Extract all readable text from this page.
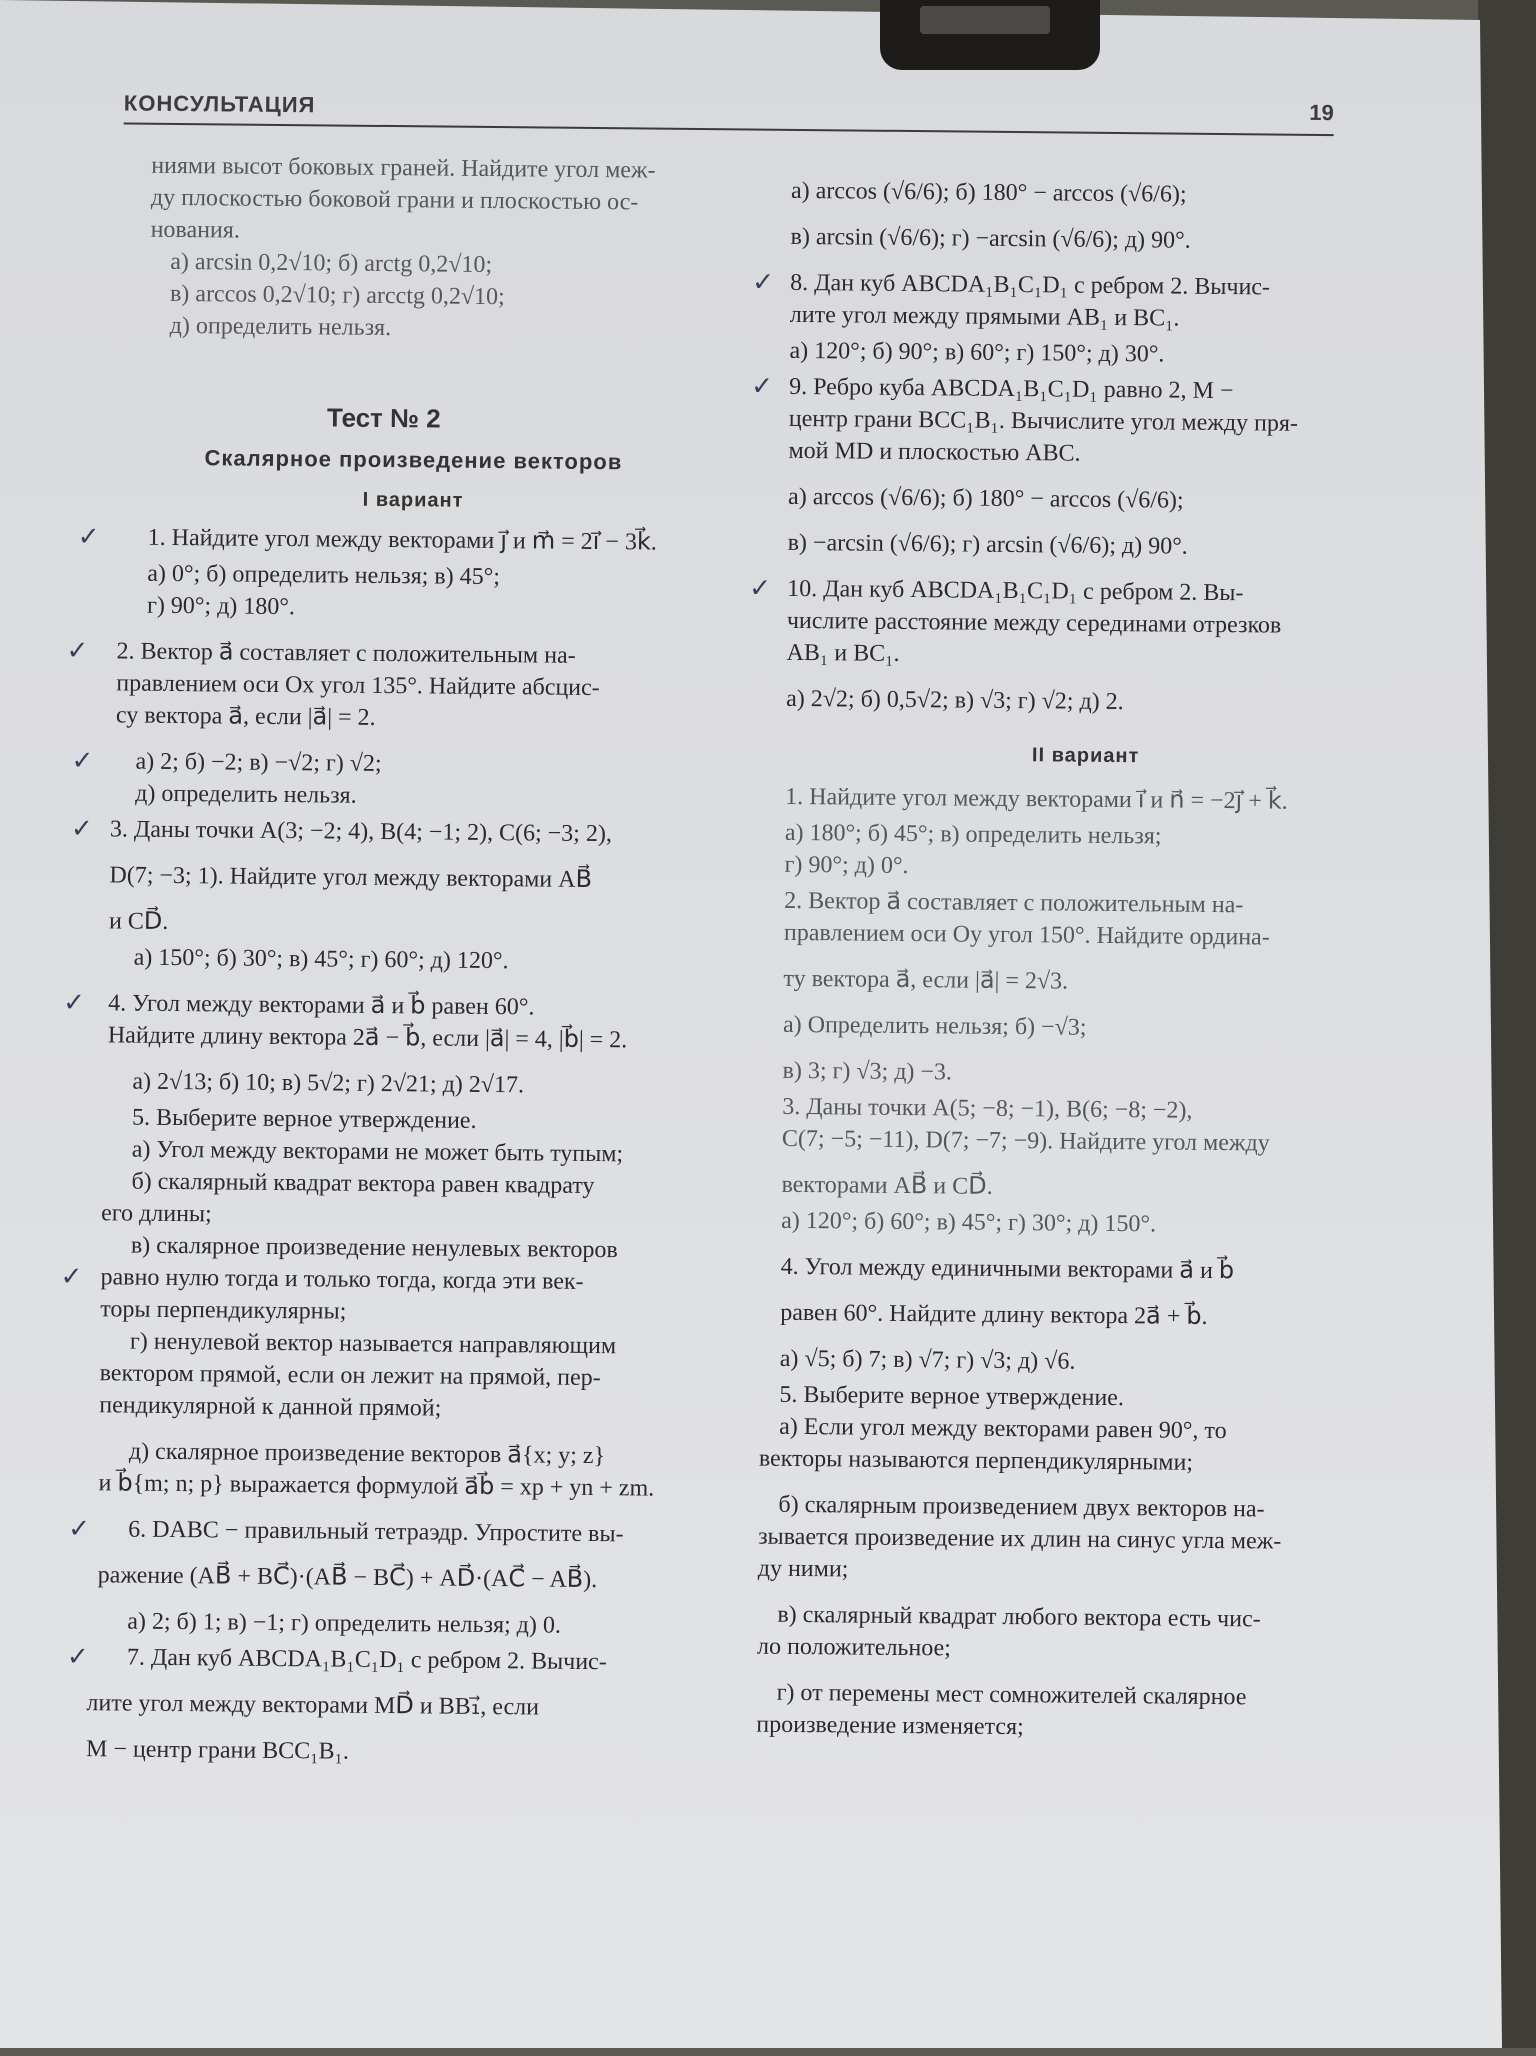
КОНСУЛЬТАЦИЯ	19

ниями высот боковых граней. Найдите угол меж-

ду плоскостью боковой грани и плоскостью ос-

нования.

а) arcsin 0,2√10; б) arctg 0,2√10;

в) arccos 0,2√10; г) arcctg 0,2√10;

д) определить нельзя.

Тест № 2
Скалярное произведение векторов
I вариант
✓ 1. Найдите угол между векторами j⃗ и m⃗ = 2i⃗ − 3k⃗.

а) 0°; б) определить нельзя; в) 45°;

г) 90°; д) 180°.

✓ 2. Вектор a⃗ составляет с положительным на-

правлением оси Ox угол 135°. Найдите абсцис-

су вектора a⃗, если |a⃗| = 2.

✓ а) 2; б) −2; в) −√2; г) √2;

д) определить нельзя.

✓ 3. Даны точки A(3; −2; 4), B(4; −1; 2), C(6; −3; 2),

D(7; −3; 1). Найдите угол между векторами AB⃗

и CD⃗.

а) 150°; б) 30°; в) 45°; г) 60°; д) 120°.

✓ 4. Угол между векторами a⃗ и b⃗ равен 60°.

Найдите длину вектора 2a⃗ − b⃗, если |a⃗| = 4, |b⃗| = 2.

а) 2√13; б) 10; в) 5√2; г) 2√21; д) 2√17.

5. Выберите верное утверждение.

✓

а) Угол между векторами не может быть тупым;

б) скалярный квадрат вектора равен квадрату

его длины;

в) скалярное произведение ненулевых векторов

равно нулю тогда и только тогда, когда эти век-

торы перпендикулярны;

г) ненулевой вектор называется направляющим

вектором прямой, если он лежит на прямой, пер-

пендикулярной к данной прямой;

д) скалярное произведение векторов a⃗{x; y; z}

и b⃗{m; n; p} выражается формулой a⃗b⃗ = xp + yn + zm.

✓ 6. DABC − правильный тетраэдр. Упростите вы-

ражение (AB⃗ + BC⃗)·(AB⃗ − BC⃗) + AD⃗·(AC⃗ − AB⃗).

а) 2; б) 1; в) −1; г) определить нельзя; д) 0.

✓ 7. Дан куб ABCDA₁B₁C₁D₁ с ребром 2. Вычис-

лите угол между векторами MD⃗ и BB₁⃗, если

M − центр грани BCC₁B₁.

а) arccos (√6/6); б) 180° − arccos (√6/6);

в) arcsin (√6/6); г) −arcsin (√6/6); д) 90°.

✓ 8. Дан куб ABCDA₁B₁C₁D₁ с ребром 2. Вычис-

лите угол между прямыми AB₁ и BC₁.

а) 120°; б) 90°; в) 60°; г) 150°; д) 30°.

✓ 9. Ребро куба ABCDA₁B₁C₁D₁ равно 2, M −

центр грани BCC₁B₁. Вычислите угол между пря-

мой MD и плоскостью ABC.

а) arccos (√6/6); б) 180° − arccos (√6/6);

в) −arcsin (√6/6); г) arcsin (√6/6); д) 90°.

✓ 10. Дан куб ABCDA₁B₁C₁D₁ с ребром 2. Вы-

числите расстояние между серединами отрезков

AB₁ и BC₁.

а) 2√2; б) 0,5√2; в) √3; г) √2; д) 2.

II вариант

1. Найдите угол между векторами i⃗ и n⃗ = −2j⃗ + k⃗.

а) 180°; б) 45°; в) определить нельзя;

г) 90°; д) 0°.

2. Вектор a⃗ составляет с положительным на-

правлением оси Oy угол 150°. Найдите ордина-

ту вектора a⃗, если |a⃗| = 2√3.

а) Определить нельзя; б) −√3;

в) 3; г) √3; д) −3.

3. Даны точки A(5; −8; −1), B(6; −8; −2),

C(7; −5; −11), D(7; −7; −9). Найдите угол между

векторами AB⃗ и CD⃗.

а) 120°; б) 60°; в) 45°; г) 30°; д) 150°.

4. Угол между единичными векторами a⃗ и b⃗

равен 60°. Найдите длину вектора 2a⃗ + b⃗.

а) √5; б) 7; в) √7; г) √3; д) √6.

5. Выберите верное утверждение.

а) Если угол между векторами равен 90°, то

векторы называются перпендикулярными;

б) скалярным произведением двух векторов на-

зывается произведение их длин на синус угла меж-

ду ними;

в) скалярный квадрат любого вектора есть чис-

ло положительное;

г) от перемены мест сомножителей скалярное

произведение изменяется;
